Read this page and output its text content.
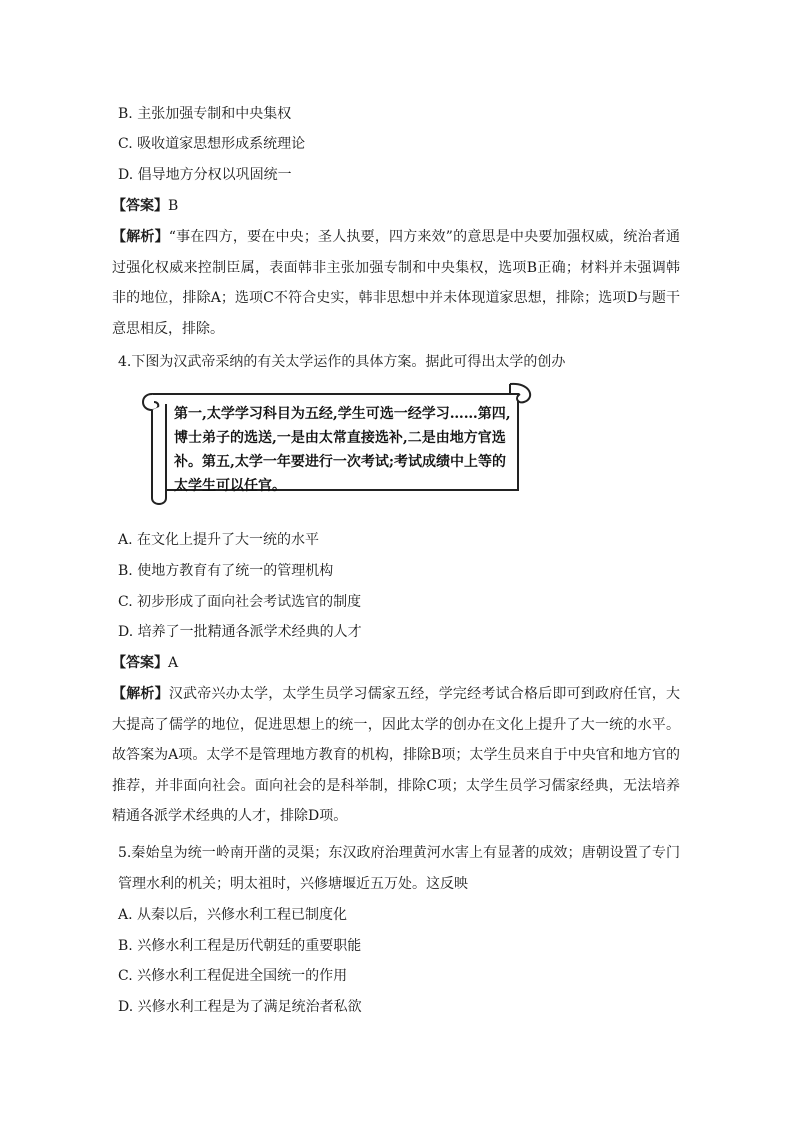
B. 主张加强专制和中央集权
C. 吸收道家思想形成系统理论
D. 倡导地方分权以巩固统一
【答案】B
【解析】“事在四方，要在中央；圣人执要，四方来效”的意思是中央要加强权威，统治者通过强化权威来控制臣属，表面韩非主张加强专制和中央集权，选项B正确；材料并未强调韩非的地位，排除A；选项C不符合史实，韩非思想中并未体现道家思想，排除；选项D与题干意思相反，排除。
4.下图为汉武帝采纳的有关太学运作的具体方案。据此可得出太学的创办
第一,太学学习科目为五经,学生可选一经学习……第四,博士弟子的选送,一是由太常直接选补,二是由地方官选补。第五,太学一年要进行一次考试;考试成绩中上等的太学生可以任官。
A. 在文化上提升了大一统的水平
B. 使地方教育有了统一的管理机构
C. 初步形成了面向社会考试选官的制度
D. 培养了一批精通各派学术经典的人才
【答案】A
【解析】汉武帝兴办太学，太学生员学习儒家五经，学完经考试合格后即可到政府任官，大大提高了儒学的地位，促进思想上的统一，因此太学的创办在文化上提升了大一统的水平。故答案为A项。太学不是管理地方教育的机构，排除B项；太学生员来自于中央官和地方官的推荐，并非面向社会。面向社会的是科举制，排除C项；太学生员学习儒家经典，无法培养精通各派学术经典的人才，排除D项。
5.秦始皇为统一岭南开凿的灵渠；东汉政府治理黄河水害上有显著的成效；唐朝设置了专门管理水利的机关；明太祖时，兴修塘堰近五万处。这反映
A. 从秦以后，兴修水利工程已制度化
B. 兴修水利工程是历代朝廷的重要职能
C. 兴修水利工程促进全国统一的作用
D. 兴修水利工程是为了满足统治者私欲
